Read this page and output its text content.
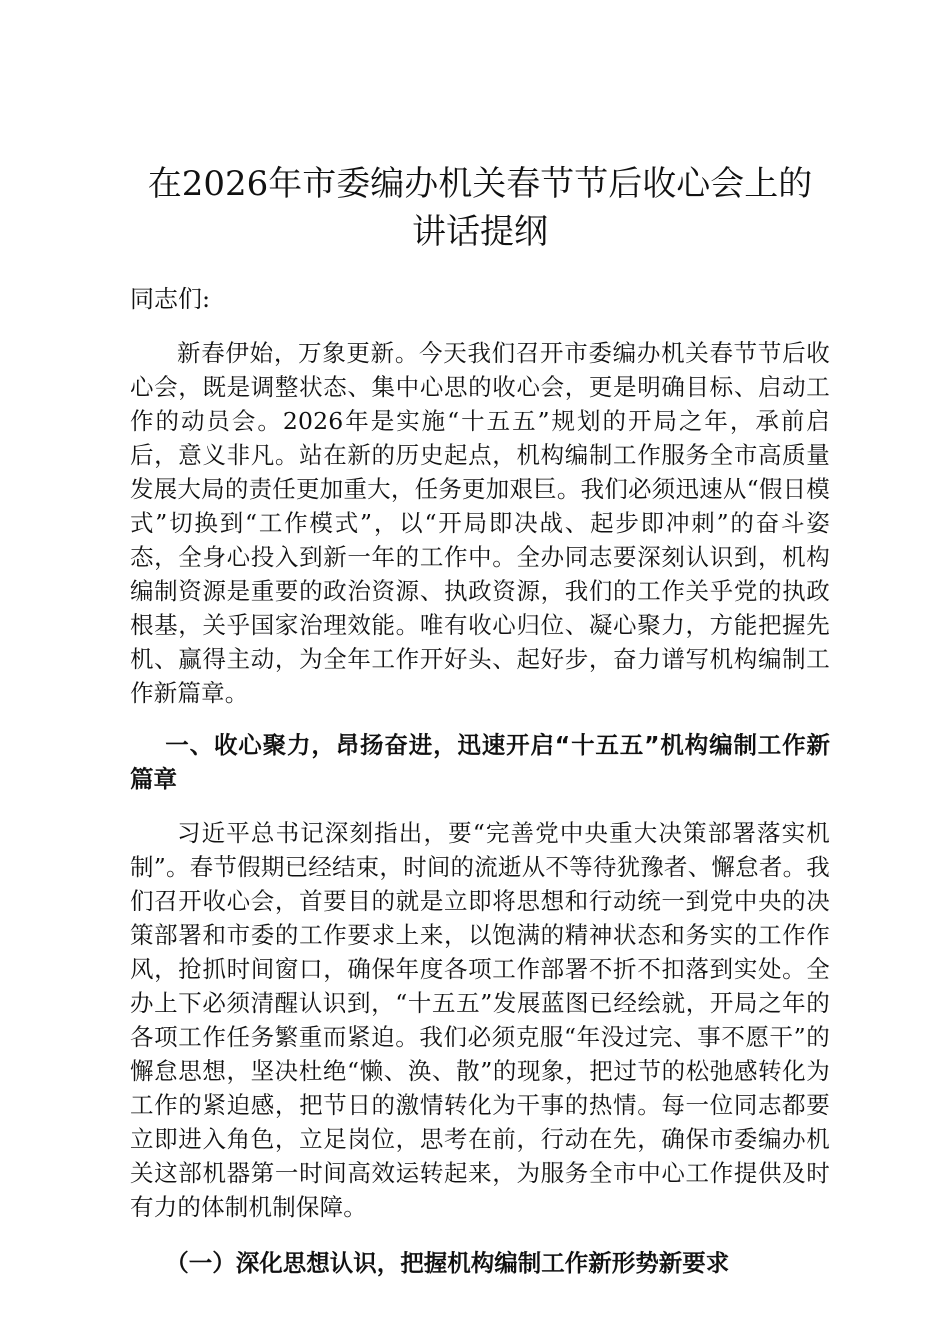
在2026年市委编办机关春节节后收心会上的
讲话提纲

同志们:

新春伊始，万象更新。今天我们召开市委编办机关春节节后收心会，既是调整状态、集中心思的收心会，更是明确目标、启动工作的动员会。2026年是实施“十五五”规划的开局之年，承前启后，意义非凡。站在新的历史起点，机构编制工作服务全市高质量发展大局的责任更加重大，任务更加艰巨。我们必须迅速从“假日模式”切换到“工作模式”，以“开局即决战、起步即冲刺”的奋斗姿态，全身心投入到新一年的工作中。全办同志要深刻认识到，机构编制资源是重要的政治资源、执政资源，我们的工作关乎党的执政根基，关乎国家治理效能。唯有收心归位、凝心聚力，方能把握先机、赢得主动，为全年工作开好头、起好步，奋力谱写机构编制工作新篇章。

一、收心聚力，昂扬奋进，迅速开启“十五五”机构编制工作新篇章

习近平总书记深刻指出，要“完善党中央重大决策部署落实机制”。春节假期已经结束，时间的流逝从不等待犹豫者、懈怠者。我们召开收心会，首要目的就是立即将思想和行动统一到党中央的决策部署和市委的工作要求上来，以饱满的精神状态和务实的工作作风，抢抓时间窗口，确保年度各项工作部署不折不扣落到实处。全办上下必须清醒认识到，“十五五”发展蓝图已经绘就，开局之年的各项工作任务繁重而紧迫。我们必须克服“年没过完、事不愿干”的懈怠思想，坚决杜绝“懒、涣、散”的现象，把过节的松弛感转化为工作的紧迫感，把节日的激情转化为干事的热情。每一位同志都要立即进入角色，立足岗位，思考在前，行动在先，确保市委编办机关这部机器第一时间高效运转起来，为服务全市中心工作提供及时有力的体制机制保障。

（一）深化思想认识，把握机构编制工作新形势新要求
